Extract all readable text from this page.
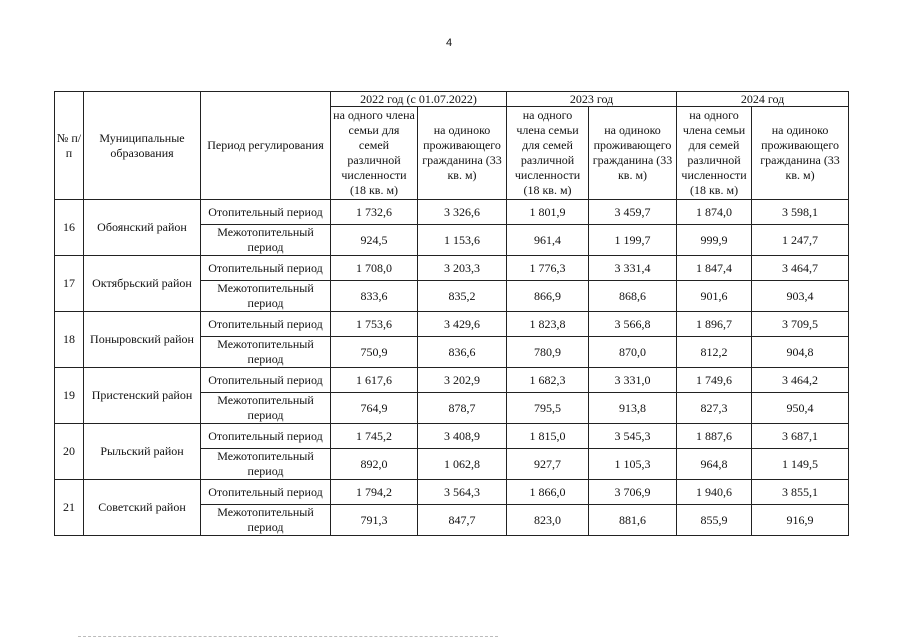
4
№ п/п	Муниципальные образования	Период регулирования	2022 год (с 01.07.2022)		2023 год		2024 год	
			на одного члена семьи для семей различной численности (18 кв. м)	на одиноко проживающего гражданина (33 кв. м)	на одного члена семьи для семей различной численности (18 кв. м)	на одиноко проживающего гражданина (33 кв. м)	на одного члена семьи для семей различной численности (18 кв. м)	на одиноко проживающего гражданина (33 кв. м)
16	Обоянский район	Отопительный период	1 732,6	3 326,6	1 801,9	3 459,7	1 874,0	3 598,1
		Межотопительный период	924,5	1 153,6	961,4	1 199,7	999,9	1 247,7
17	Октябрьский район	Отопительный период	1 708,0	3 203,3	1 776,3	3 331,4	1 847,4	3 464,7
		Межотопительный период	833,6	835,2	866,9	868,6	901,6	903,4
18	Поныровский район	Отопительный период	1 753,6	3 429,6	1 823,8	3 566,8	1 896,7	3 709,5
		Межотопительный период	750,9	836,6	780,9	870,0	812,2	904,8
19	Пристенский район	Отопительный период	1 617,6	3 202,9	1 682,3	3 331,0	1 749,6	3 464,2
		Межотопительный период	764,9	878,7	795,5	913,8	827,3	950,4
20	Рыльский район	Отопительный период	1 745,2	3 408,9	1 815,0	3 545,3	1 887,6	3 687,1
		Межотопительный период	892,0	1 062,8	927,7	1 105,3	964,8	1 149,5
21	Советский район	Отопительный период	1 794,2	3 564,3	1 866,0	3 706,9	1 940,6	3 855,1
		Межотопительный период	791,3	847,7	823,0	881,6	855,9	916,9
